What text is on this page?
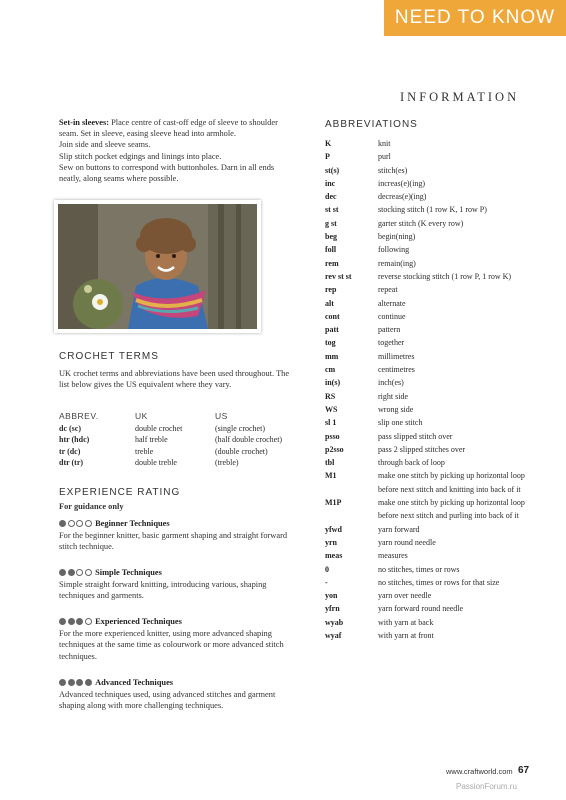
NEED TO KNOW
INFORMATION

Set-in sleeves: Place centre of cast-off edge of sleeve to shoulder seam. Set in sleeve, easing sleeve head into armhole.

Join side and sleeve seams.

Slip stitch pocket edgings and linings into place.

Sew on buttons to correspond with buttonholes. Darn in all ends neatly, along seams where possible.

CROCHET TERMS

UK crochet terms and abbreviations have been used throughout. The list below gives the US equivalent where they vary.

ABBREV.	UK	US
dc (sc)	double crochet	(single crochet)
htr (hdc)	half treble	(half double crochet)
tr (dc)	treble	(double crochet)
dtr (tr)	double treble	(treble)
EXPERIENCE RATING

For guidance only

Beginner Techniques

For the beginner knitter, basic garment shaping and straight forward stitch technique.

Simple Techniques

Simple straight forward knitting, introducing various, shaping techniques and garments.

Experienced Techniques

For the more experienced knitter, using more advanced shaping techniques at the same time as colourwork or more advanced stitch techniques.

Advanced Techniques

Advanced techniques used, using advanced stitches and garment shaping along with more challenging techniques.

ABBREVIATIONS
K	knit
P	purl
st(s)	stitch(es)
inc	increas(e)(ing)
dec	decreas(e)(ing)
st st	stocking stitch (1 row K, 1 row P)
g st	garter stitch (K every row)
beg	begin(ning)
foll	following
rem	remain(ing)
rev st st	reverse stocking stitch (1 row P, 1 row K)
rep	repeat
alt	alternate
cont	continue
patt	pattern
tog	together
mm	millimetres
cm	centimetres
in(s)	inch(es)
RS	right side
WS	wrong side
sl 1	slip one stitch
psso	pass slipped stitch over
p2sso	pass 2 slipped stitches over
tbl	through back of loop
M1	make one stitch by picking up horizontal loop before next stitch and knitting into back of it
M1P	make one stitch by picking up horizontal loop before next stitch and purling into back of it
yfwd	yarn forward
yrn	yarn round needle
meas	measures
0	no stitches, times or rows
-	no stitches, times or rows for that size
yon	yarn over needle
yfrn	yarn forward round needle
wyab	with yarn at back
wyaf	with yarn at front
www.craftworld.com 67
PassionForum.ru
